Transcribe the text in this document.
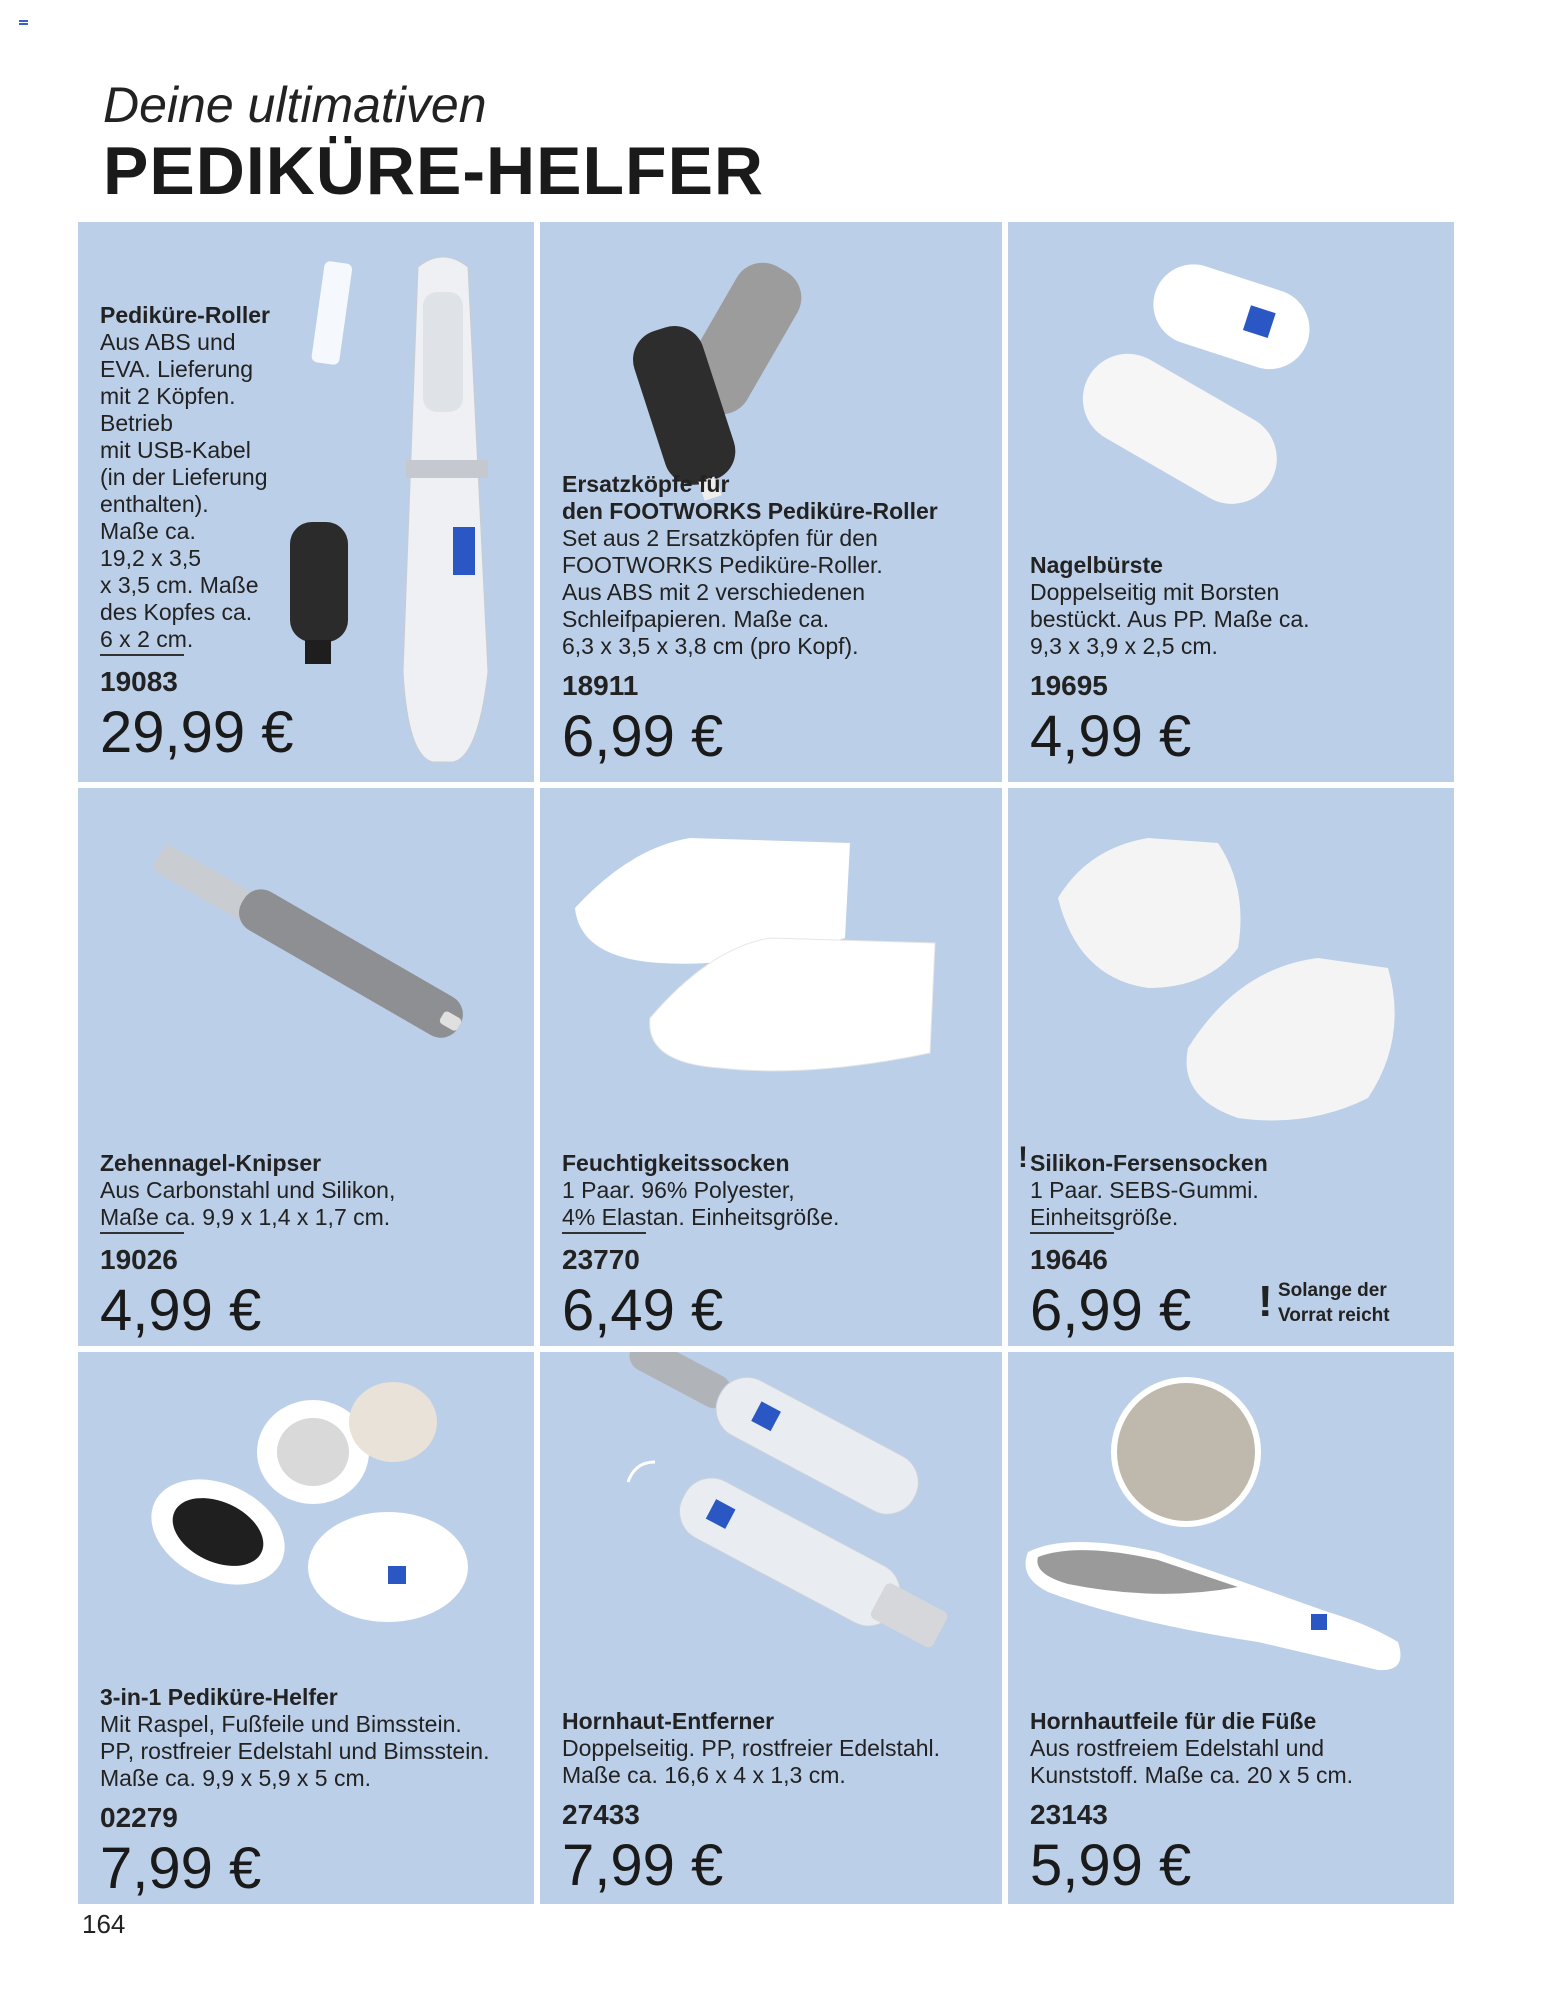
Deine ultimativen
PEDIKÜRE-HELFER
Pediküre-Roller
Aus ABS und
EVA. Lieferung
mit 2 Köpfen.
Betrieb
mit USB-Kabel
(in der Lieferung
enthalten).
Maße ca.
19,2 x 3,5
x 3,5 cm. Maße
des Kopfes ca.
6 x 2 cm.
19083
29,99 €
Ersatzköpfe für
den FOOTWORKS Pediküre-Roller
Set aus 2 Ersatzköpfen für den
FOOTWORKS Pediküre-Roller.
Aus ABS mit 2 verschiedenen
Schleifpapieren. Maße ca.
6,3 x 3,5 x 3,8 cm (pro Kopf).
18911
6,99 €
Nagelbürste
Doppelseitig mit Borsten
bestückt. Aus PP. Maße ca.
9,3 x 3,9 x 2,5 cm.
19695
4,99 €
Zehennagel-Knipser
Aus Carbonstahl und Silikon,
Maße ca. 9,9 x 1,4 x 1,7 cm.
19026
4,99 €
Feuchtigkeitssocken
1 Paar. 96% Polyester,
4% Elastan. Einheitsgröße.
23770
6,49 €
! Silikon-Fersensocken
1 Paar. SEBS-Gummi.
Einheitsgröße.
19646
6,99 €	! Solange der
Vorrat reicht
3-in-1 Pediküre-Helfer
Mit Raspel, Fußfeile und Bimsstein.
PP, rostfreier Edelstahl und Bimsstein.
Maße ca. 9,9 x 5,9 x 5 cm.
02279
7,99 €
Hornhaut-Entferner
Doppelseitig. PP, rostfreier Edelstahl.
Maße ca. 16,6 x 4 x 1,3 cm.
27433
7,99 €
Hornhautfeile für die Füße
Aus rostfreiem Edelstahl und
Kunststoff. Maße ca. 20 x 5 cm.
23143
5,99 €
164
